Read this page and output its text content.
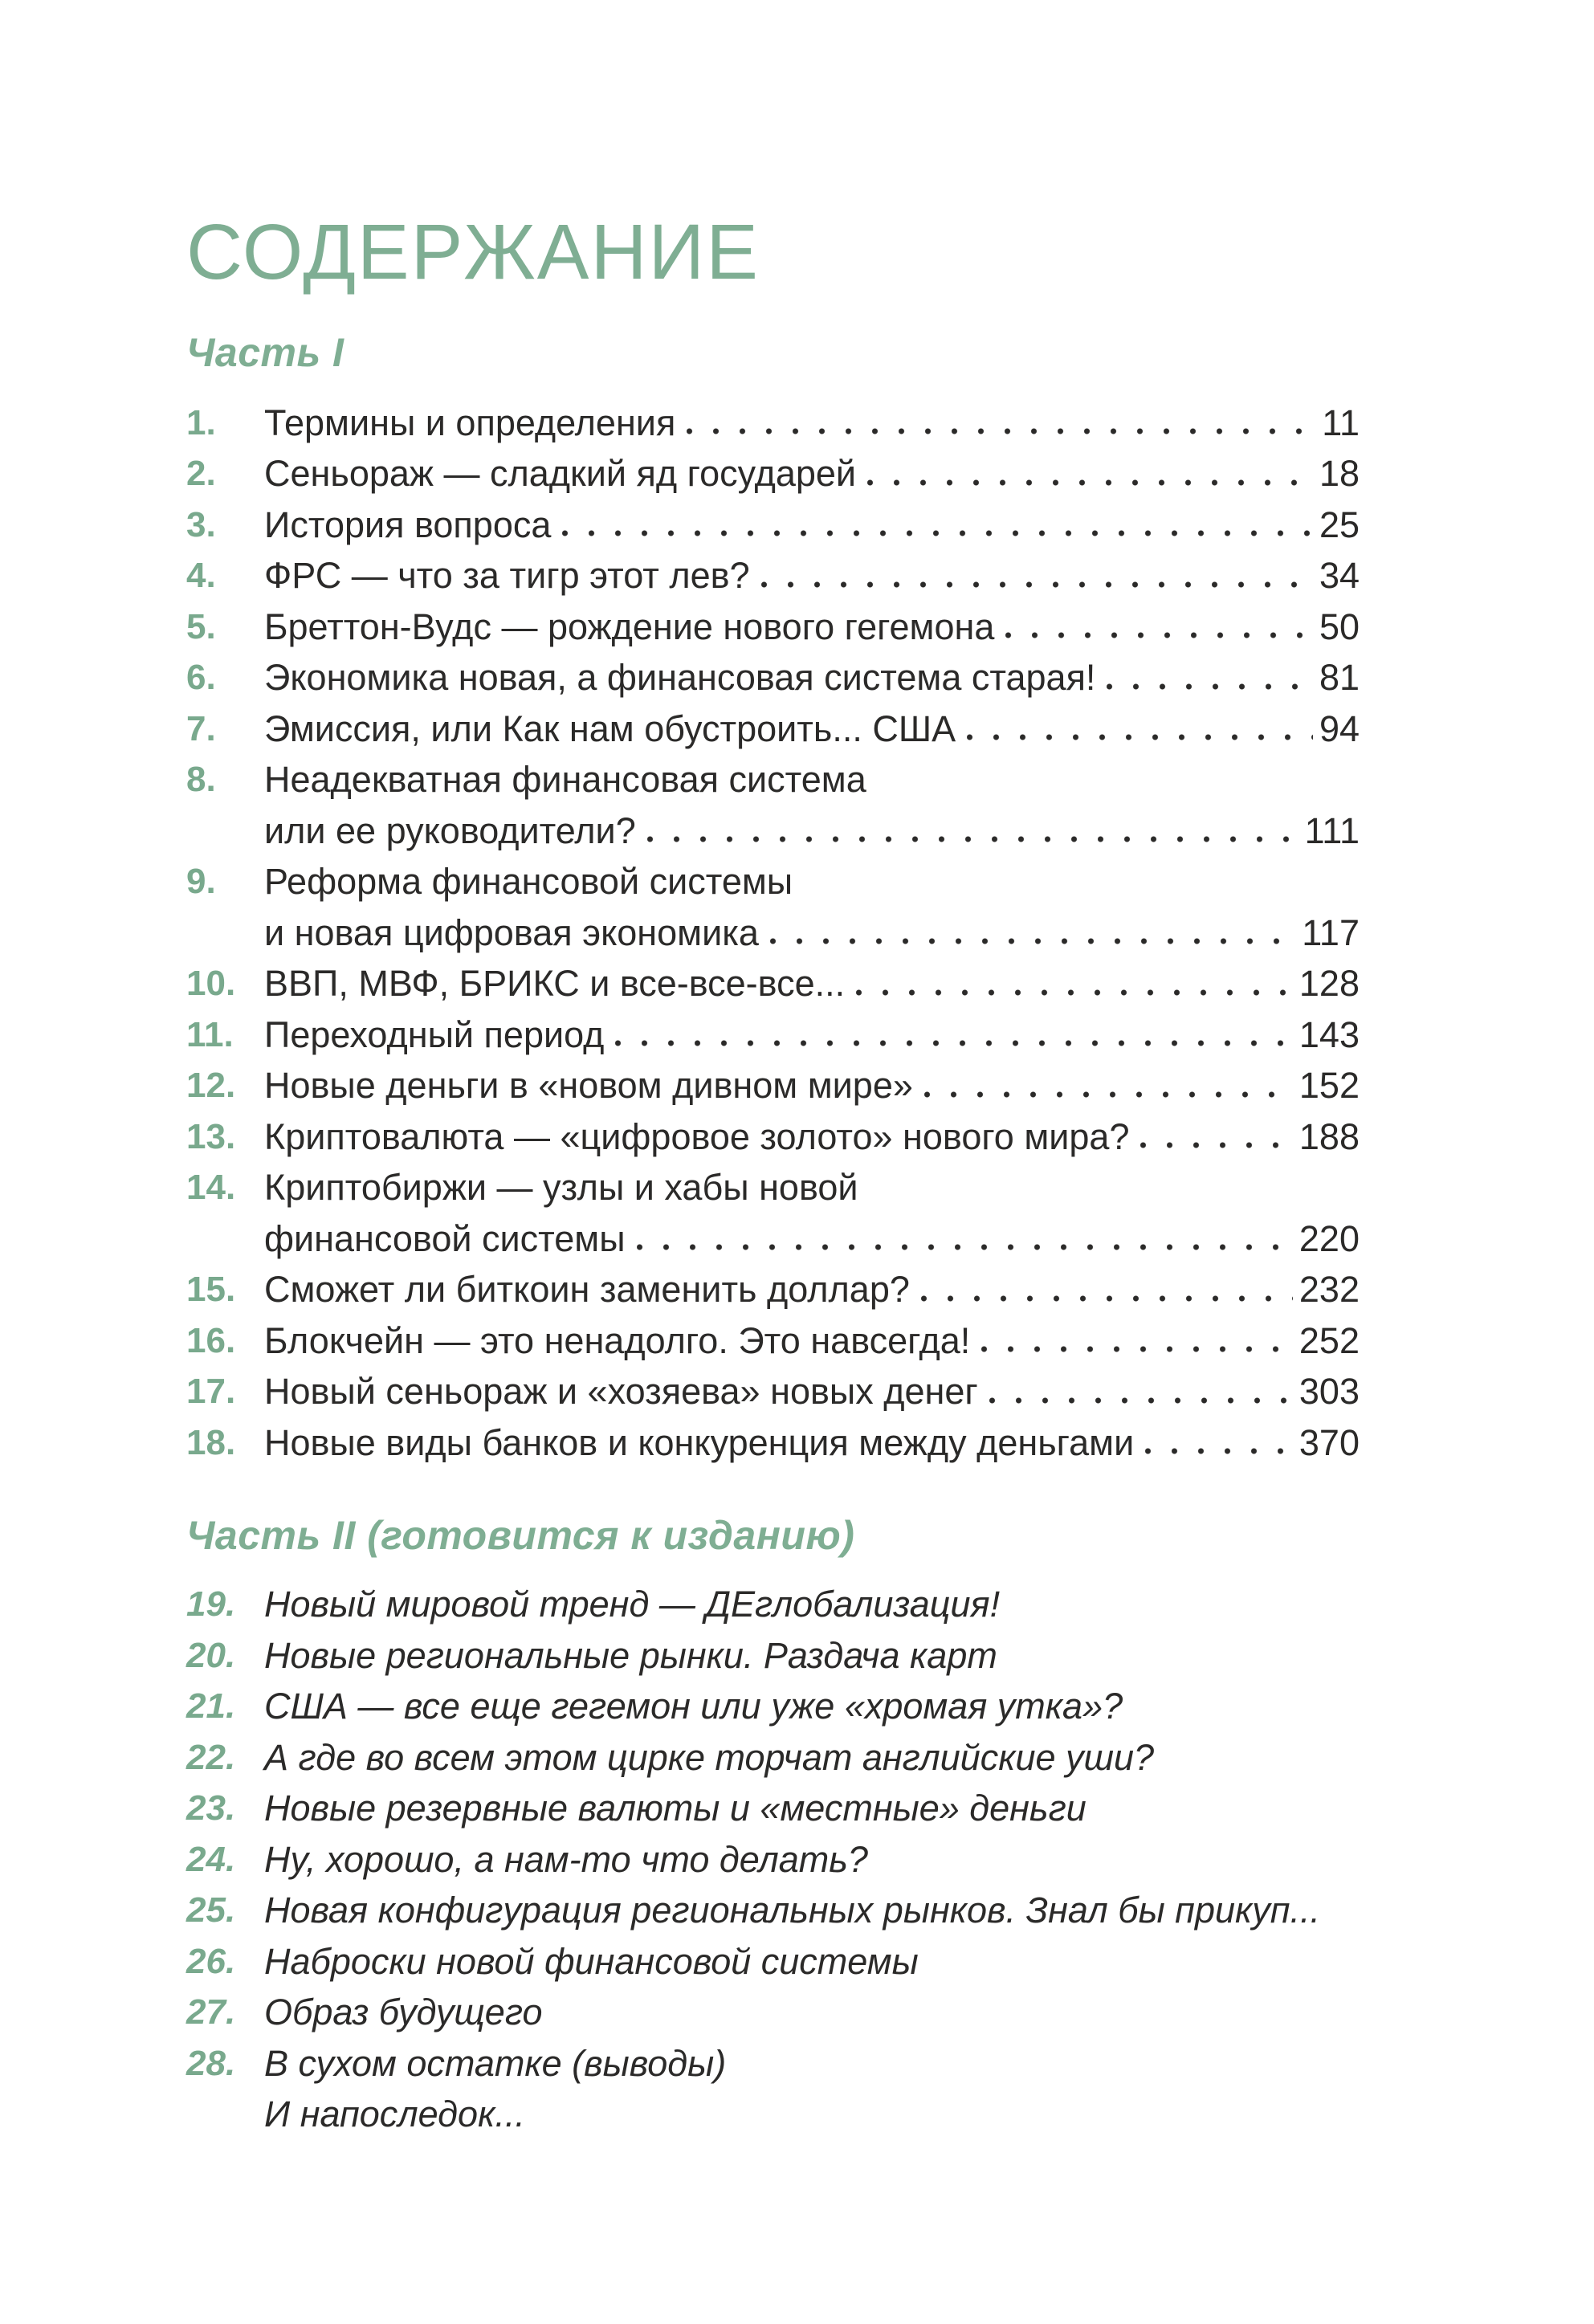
СОДЕРЖАНИЕ
Часть I
1.	Термины и определения	11
2.	Сеньораж — сладкий яд государей	18
3.	История вопроса	25
4.	ФРС — что за тигр этот лев?	34
5.	Бреттон-Вудс — рождение нового гегемона	50
6.	Экономика новая, а финансовая система старая!	81
7.	Эмиссия, или Как нам обустроить... США	94
8.	Неадекватная финансовая система
или ее руководители?	111
9.	Реформа финансовой системы
и новая цифровая экономика	117
10. ВВП, МВФ, БРИКС и все-все-все...	128
11. Переходный период	143
12. Новые деньги в «новом дивном мире»	152
13. Криптовалюта — «цифровое золото» нового мира?	188
14. Криптобиржи — узлы и хабы новой
финансовой системы	220
15. Сможет ли биткоин заменить доллар?	232
16. Блокчейн — это ненадолго. Это навсегда!	252
17. Новый сеньораж и «хозяева» новых денег	303
18. Новые виды банков и конкуренция между деньгами	370
Часть II (готовится к изданию)
19. Новый мировой тренд — ДЕглобализация!
20. Новые региональные рынки. Раздача карт
21. США — все еще гегемон или уже «хромая утка»?
22. А где во всем этом цирке торчат английские уши?
23. Новые резервные валюты и «местные» деньги
24. Ну, хорошо, а нам-то что делать?
25. Новая конфигурация региональных рынков. Знал бы прикуп...
26. Наброски новой финансовой системы
27. Образ будущего
28. В сухом остатке (выводы)
И напоследок...
